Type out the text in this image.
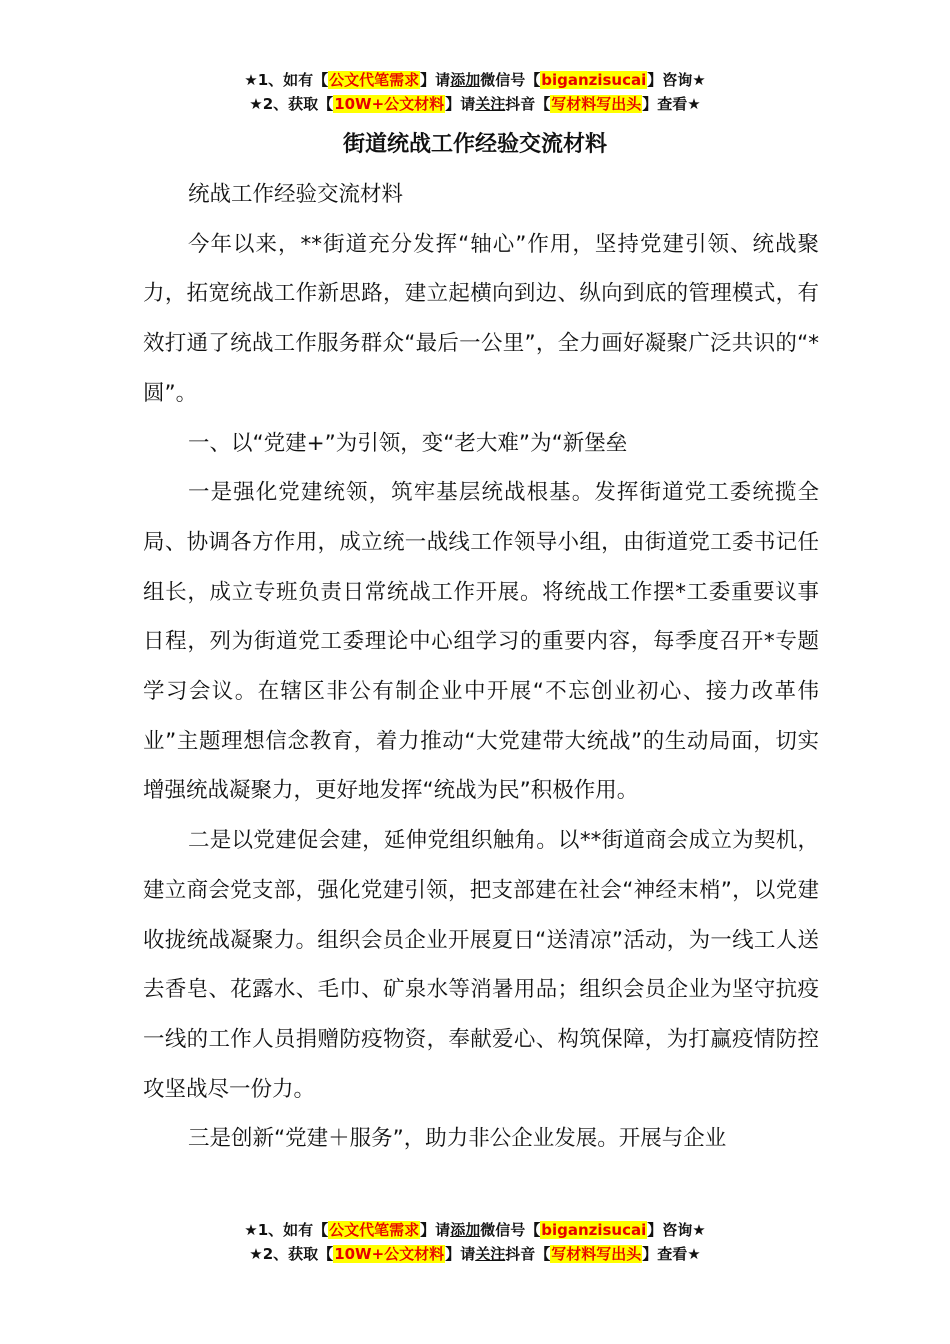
★1、如有【公文代笔需求】请添加微信号【biganzisucai】咨询★
★2、获取【10W+公文材料】请关注抖音【写材料写出头】查看★
街道统战工作经验交流材料

统战工作经验交流材料

今年以来，**街道充分发挥“轴心”作用，坚持党建引领、统战聚力，拓宽统战工作新思路，建立起横向到边、纵向到底的管理模式，有效打通了统战工作服务群众“最后一公里”，全力画好凝聚广泛共识的“*圆”。

一、以“党建+”为引领，变“老大难”为“新堡垒

一是强化党建统领，筑牢基层统战根基。发挥街道党工委统揽全局、协调各方作用，成立统一战线工作领导小组，由街道党工委书记任组长，成立专班负责日常统战工作开展。将统战工作摆*工委重要议事日程，列为街道党工委理论中心组学习的重要内容，每季度召开*专题学习会议。在辖区非公有制企业中开展“不忘创业初心、接力改革伟业”主题理想信念教育，着力推动“大党建带大统战”的生动局面，切实增强统战凝聚力，更好地发挥“统战为民”积极作用。

二是以党建促会建，延伸党组织触角。以**街道商会成立为契机，建立商会党支部，强化党建引领，把支部建在社会“神经末梢”，以党建收拢统战凝聚力。组织会员企业开展夏日“送清凉”活动，为一线工人送去香皂、花露水、毛巾、矿泉水等消暑用品；组织会员企业为坚守抗疫一线的工作人员捐赠防疫物资，奉献爱心、构筑保障，为打赢疫情防控攻坚战尽一份力。

三是创新“党建＋服务”，助力非公企业发展。开展与企业

★1、如有【公文代笔需求】请添加微信号【biganzisucai】咨询★
★2、获取【10W+公文材料】请关注抖音【写材料写出头】查看★
